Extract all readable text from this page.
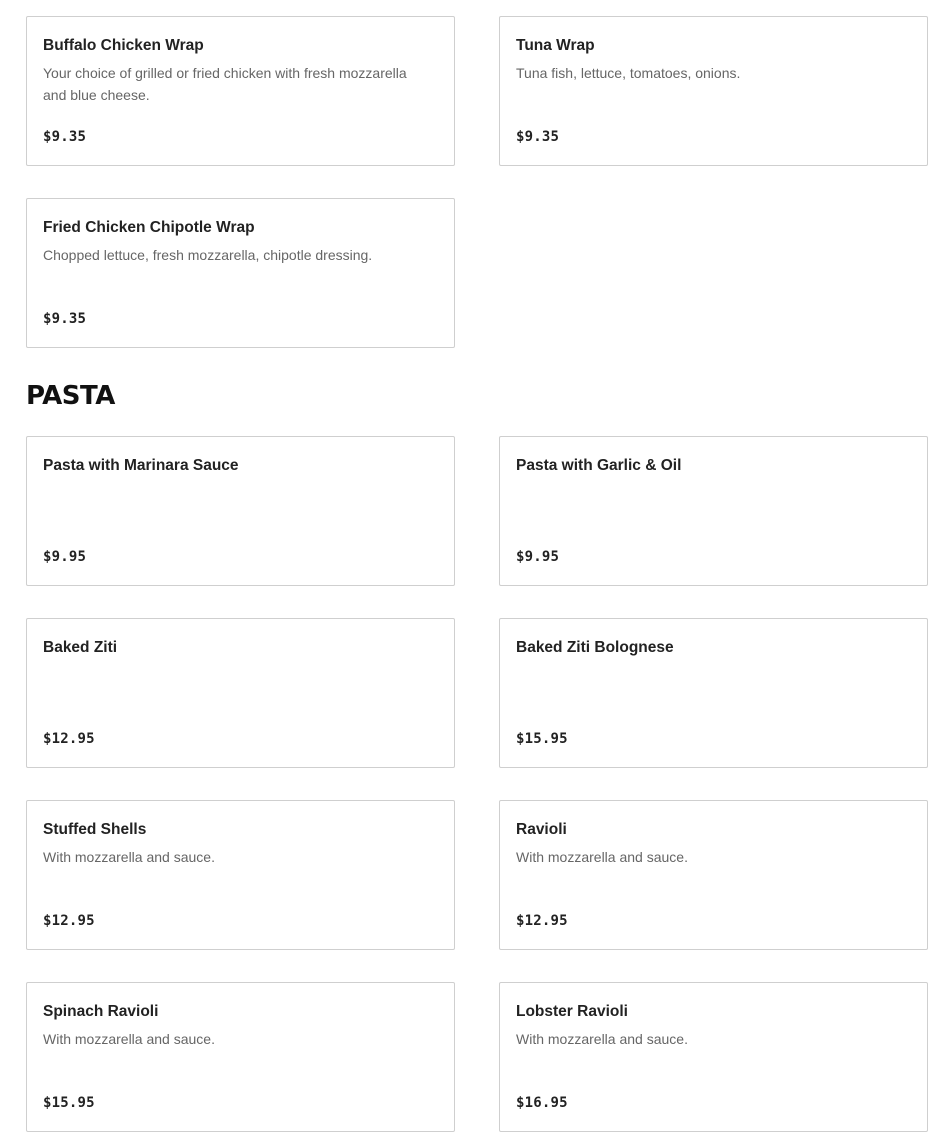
Buffalo Chicken Wrap
Your choice of grilled or fried chicken with fresh mozzarella and blue cheese.
$9.35
Tuna Wrap
Tuna fish, lettuce, tomatoes, onions.
$9.35
Fried Chicken Chipotle Wrap
Chopped lettuce, fresh mozzarella, chipotle dressing.
$9.35
PASTA
Pasta with Marinara Sauce
$9.95
Pasta with Garlic & Oil
$9.95
Baked Ziti
$12.95
Baked Ziti Bolognese
$15.95
Stuffed Shells
With mozzarella and sauce.
$12.95
Ravioli
With mozzarella and sauce.
$12.95
Spinach Ravioli
With mozzarella and sauce.
$15.95
Lobster Ravioli
With mozzarella and sauce.
$16.95
